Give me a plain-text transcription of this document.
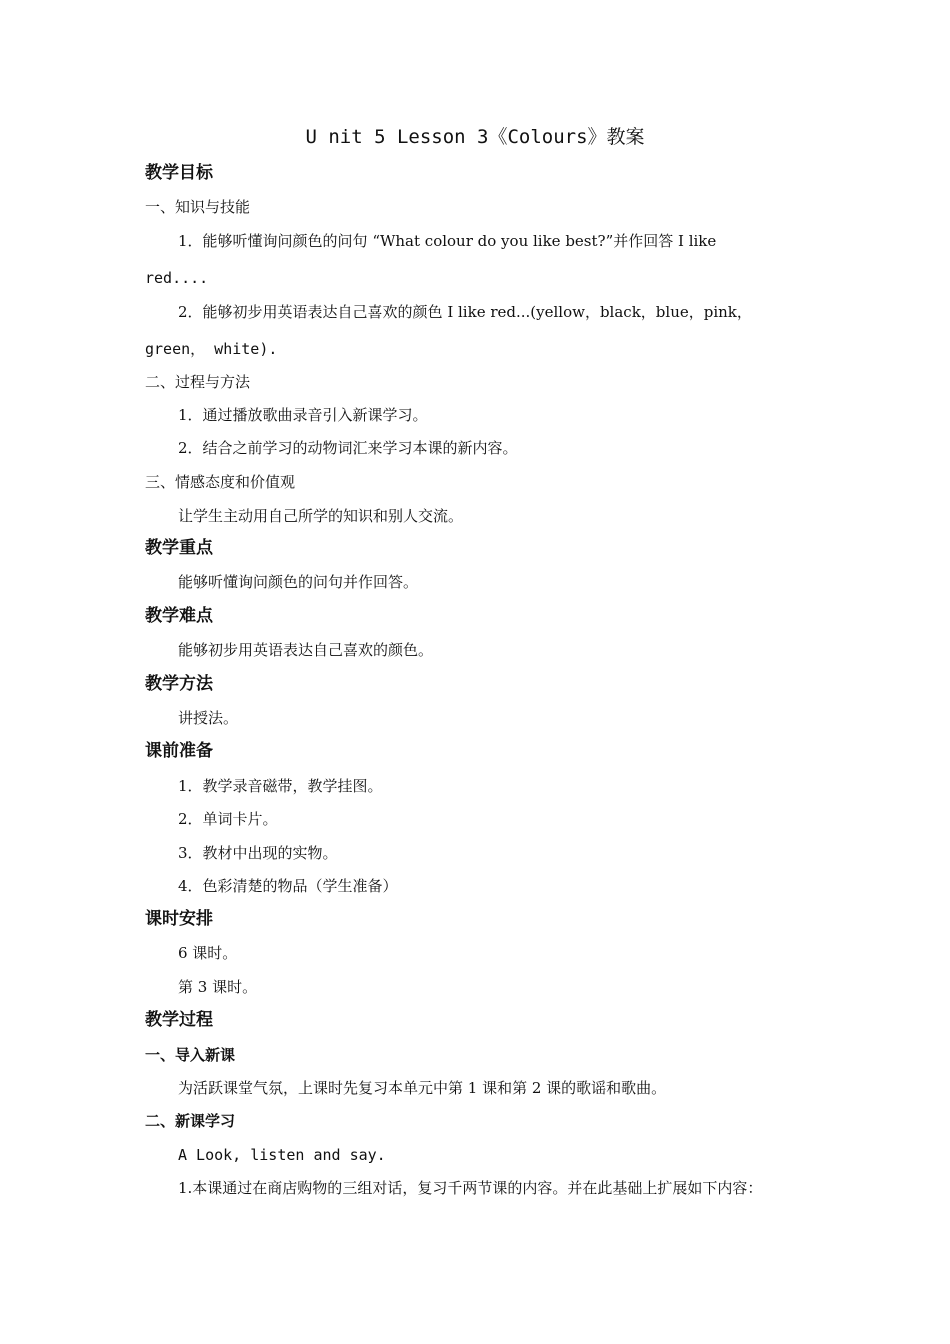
U nit 5 Lesson 3《Colours》教案
教学目标
一、知识与技能
1．能够听懂询问颜色的问句 “What colour do you like best?”并作回答 I like
red....
2．能够初步用英语表达自己喜欢的颜色 I like red...(yellow，black，blue，pink，
green， white).
二、过程与方法
1．通过播放歌曲录音引入新课学习。
2．结合之前学习的动物词汇来学习本课的新内容。
三、情感态度和价值观
让学生主动用自己所学的知识和别人交流。
教学重点
能够听懂询问颜色的问句并作回答。
教学难点
能够初步用英语表达自己喜欢的颜色。
教学方法
讲授法。
课前准备
1．教学录音磁带，教学挂图。
2．单词卡片。
3．教材中出现的实物。
4．色彩清楚的物品（学生准备）
课时安排
6 课时。
第 3 课时。
教学过程
一、导入新课
为活跃课堂气氛，上课时先复习本单元中第 1 课和第 2 课的歌谣和歌曲。
二、新课学习
A Look, listen and say.
1.本课通过在商店购物的三组对话，复习千两节课的内容。并在此基础上扩展如下内容：
